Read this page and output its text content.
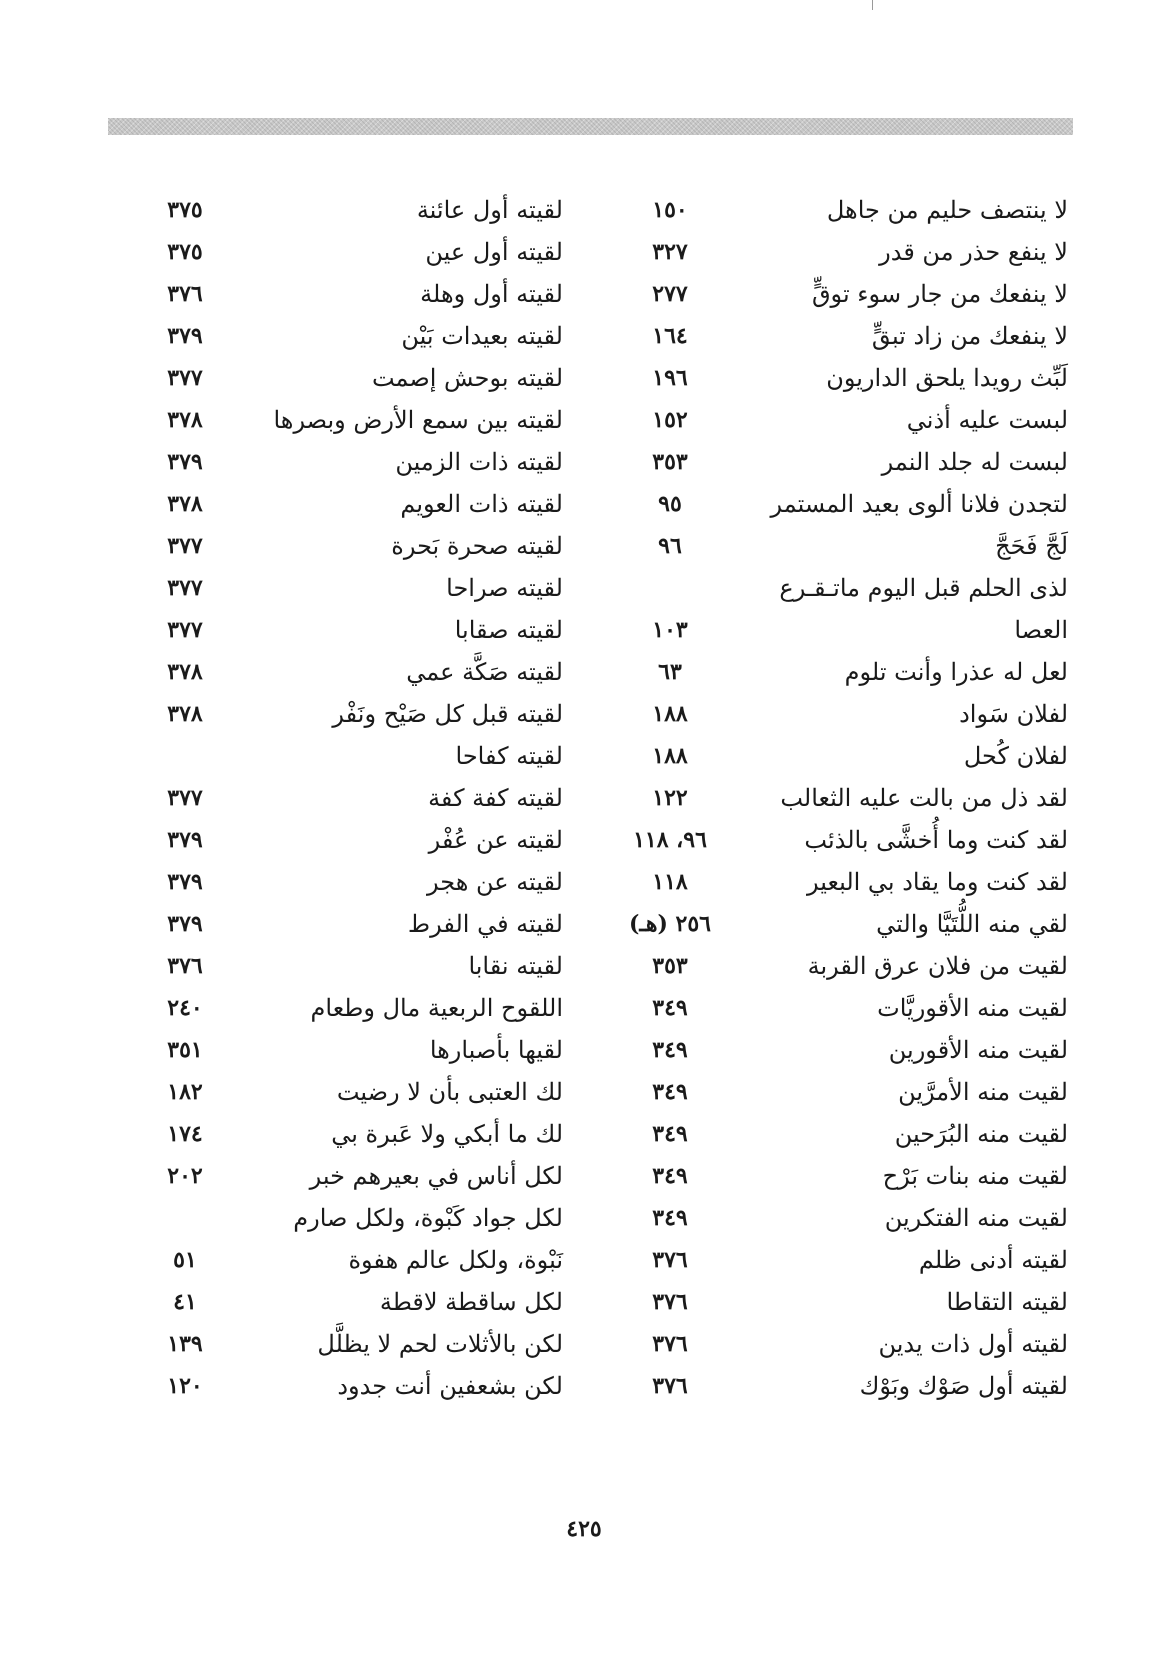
لا ينتصف حليم من جاهل
١٥٠
لقيته أول عائنة
٣٧٥
لا ينفع حذر من قدر
٣٢٧
لقيته أول عين
٣٧٥
لا ينفعك من جار سوء توقٍّ
٢٧٧
لقيته أول وهلة
٣٧٦
لا ينفعك من زاد تبقٍّ
١٦٤
لقيته بعيدات بَيْن
٣٧٩
لَبِّث رويدا يلحق الداريون
١٩٦
لقيته بوحش إصمت
٣٧٧
لبست عليه أذني
١٥٢
لقيته بين سمع الأرض وبصرها
٣٧٨
لبست له جلد النمر
٣٥٣
لقيته ذات الزمين
٣٧٩
لتجدن فلانا ألوى بعيد المستمر
٩٥
لقيته ذات العويم
٣٧٨
لَجَّ فَحَجَّ
٩٦
لقيته صحرة بَحرة
٣٧٧
لذى الحلم قبل اليوم ماتـقـرع
لقيته صراحا
٣٧٧
العصا
١٠٣
لقيته صقابا
٣٧٧
لعل له عذرا وأنت تلوم
٦٣
لقيته صَكَّة عمي
٣٧٨
لفلان سَواد
١٨٨
لقيته قبل كل صَيْح ونَفْر
٣٧٨
لفلان كُحل
١٨٨
لقيته كفاحا
لقد ذل من بالت عليه الثعالب
١٢٢
لقيته كفة كفة
٣٧٧
لقد كنت وما أُخشَّى بالذئب
٩٦، ١١٨
لقيته عن عُفْر
٣٧٩
لقد كنت وما يقاد بي البعير
١١٨
لقيته عن هجر
٣٧٩
لقي منه اللُّتَيَّا والتي
٢٥٦ (هـ)
لقيته في الفرط
٣٧٩
لقيت من فلان عرق القربة
٣٥٣
لقيته نقابا
٣٧٦
لقيت منه الأقوريَّات
٣٤٩
اللقوح الربعية مال وطعام
٢٤٠
لقيت منه الأقورين
٣٤٩
لقيها بأصبارها
٣٥١
لقيت منه الأمرَّين
٣٤٩
لك العتبى بأن لا رضيت
١٨٢
لقيت منه البُرَحين
٣٤٩
لك ما أبكي ولا عَبرة بي
١٧٤
لقيت منه بنات بَرْح
٣٤٩
لكل أناس في بعيرهم خبر
٢٠٢
لقيت منه الفتكرين
٣٤٩
لكل جواد كَبْوة، ولكل صارم
لقيته أدنى ظلم
٣٧٦
نَبْوة، ولكل عالم هفوة
٥١
لقيته التقاطا
٣٧٦
لكل ساقطة لاقطة
٤١
لقيته أول ذات يدين
٣٧٦
لكن بالأثلات لحم لا يظلَّل
١٣٩
لقيته أول صَوْك وبَوْك
٣٧٦
لكن بشعفين أنت جدود
١٢٠
٤٢٥
